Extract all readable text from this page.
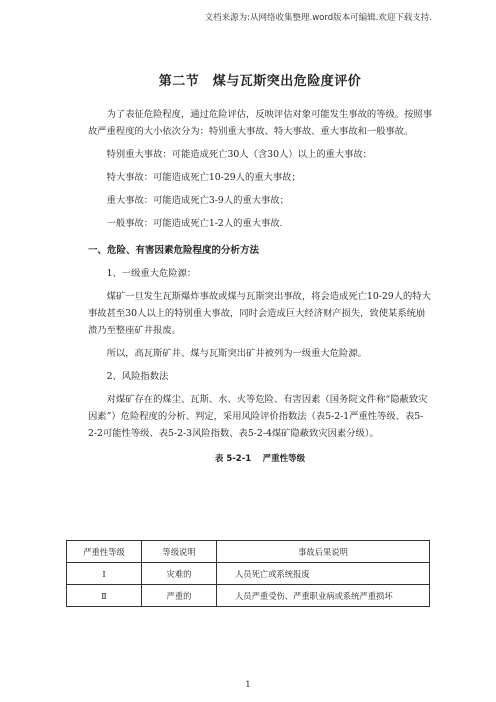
文档来源为:从网络收集整理.word版本可编辑.欢迎下载支持.
第二节　煤与瓦斯突出危险度评价

为了表征危险程度，通过危险评估，反映评估对象可能发生事故的等级。按照事故严重程度的大小依次分为：特别重大事故、特大事故、重大事故和一般事故。

特别重大事故：可能造成死亡30人（含30人）以上的重大事故；

特大事故：可能造成死亡10-29人的重大事故；

重大事故：可能造成死亡3-9人的重大事故；

一般事故：可能造成死亡1-2人的重大事故.

一、危险、有害因素危险程度的分析方法

1、一级重大危险源：

煤矿一旦发生瓦斯爆炸事故或煤与瓦斯突出事故，将会造成死亡10-29人的特大事故甚至30人以上的特别重大事故，同时会造成巨大经济财产损失，致使某系统崩溃乃至整座矿井报废。

所以，高瓦斯矿井、煤与瓦斯突出矿井被列为一级重大危险源。

2、风险指数法

对煤矿存在的煤尘、瓦斯、水、火等危险、有害因素（国务院文件称“隐蔽致灾因素”）危险程度的分析、判定，采用风险评价指数法（表5-2-1严重性等级、表5-2-2可能性等级、表5-2-3风险指数、表5-2-4煤矿隐蔽致灾因素分级）。

表 5-2-1　 严重性等级
严重性等级	等级说明	事故后果说明
Ⅰ	灾难的	人员死亡或系统报废
Ⅱ	严重的	人员严重受伤、严重职业病或系统严重损坏
1
